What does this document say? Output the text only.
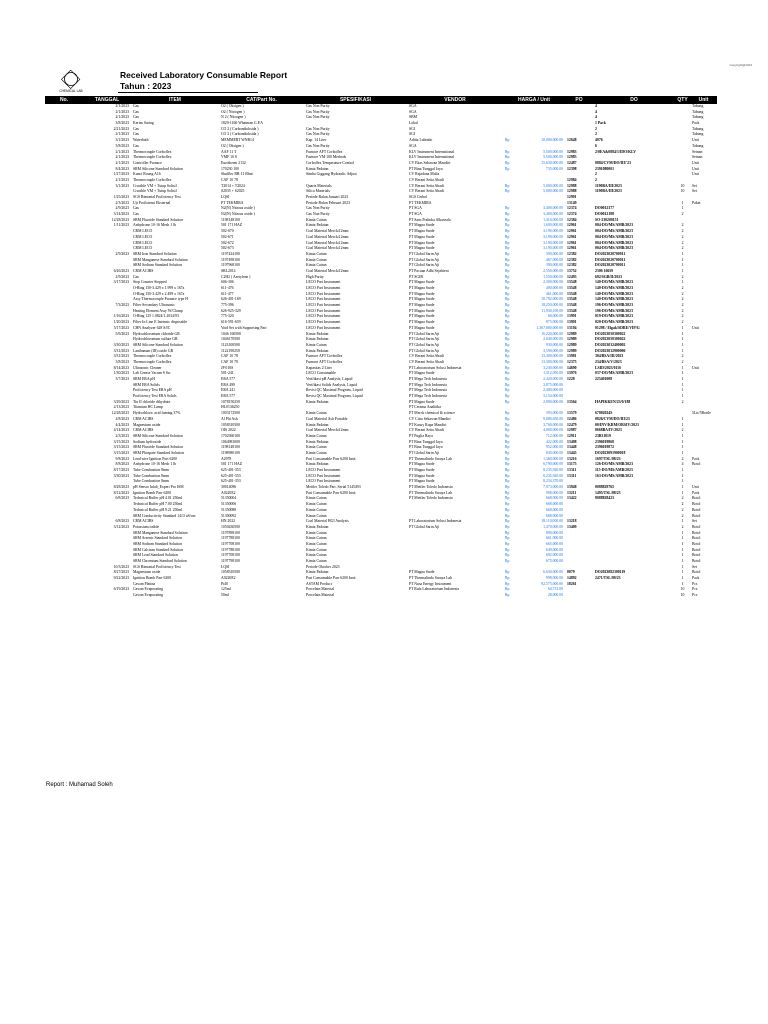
Copyright@2023
CHEMICAL LAB
Received Laboratory Consumable Report
Tahun : 2023
No.	TANGGAL	ITEM	CAT/Part No.	SPESIFIKASI	VENDOR	HARGA / Unit		PO	DO	QTY	Unit
	2/1/2023	Gas	O2 ( Oksigen )	Gas Non Purity	SGA				4		Tabung
	2/1/2023	Gas	O2 ( Nitrogen )	Gas Non Purity	SGA				4		Tabung
	2/1/2023	Gas	N 2 ( Nitrogen )	Gas Non Purity	SBM				4		Tabung
	3/8/2023	Kertas Saring	1820-1166 Whatman G.P.A		Lokal				1 Pack		Pack
	2/21/2023	Gas	CO 2 ( Carbondioksida )	Gas Non Purity	SGI				2		Tabung
	2/1/2023	Gas	CO 2 ( Carbondioksida )	Gas Non Purity	SGI				2		Tabung
	3/1/2023	Waterbath	MEMMERT WNB14	Kap. 14 Liter	Aditia Lubindo	Rp	10,000,000.00	12648	4076		Unit
	3/8/2023	Gas	O2 ( Oksigen )	Gas Non Purity	SGA				6		Tabung
	2/1/2023	Thermocouple Corboflex	AAF 11 T	Furnace AFT Corboflex	KLV Instrument International	Rp	5,500,000.00	12983	2/0EA&0884/1/IDO/KLV		Setnan
	2/1/2023	Thermocouple Corboflex	VMF 10 S	Furnace VM 100 Methods	KLV Instrument International	Rp	5,500,000.00	12983			Setnan
	2/1/2023	Controller Furnace	Eurotherm 2132	Corboflex Temperature Control	CV Ekas Sekawan Mandiri	Rp	15,630,000.00	12487	0884/CVM/DO/III/'23		Unit
	8/4/2023	SRM Silicone Standard Solution	170230 100	Kimia Padatan	PT Bina Tunggal Jaya	Rp	735,000.00	12398	2391080001		Unit
	1/27/2023	Kunci Roung A16	Shuffler BB-11 Bhnt	Simba Giggang Hydraulic Adjust	CV Rajadana Mulia				2		Unit
	2/1/2023	Thermocouple Corboflex	CAF 10 78		CV Berani Seiia Abadi			12984	2		
	3/1/2023	Crucible VM + Tutup Solisil	T2014 + T2024	Quartz Materials	CV Berani Seiia Abadi	Rp	5,000,000.00	12988	1190BA/III/2023	10	Set
		Crucible VM + Tutup Solisil	S2035 + S2025	Silica Materials	CV Berani Seiia Abadi	Rp	5,000,000.00	12988	1190BA/III/2023	10	Set
	1/25/2023	SGS Bimonial Proficiency Test	LQSI	Periode Bulan Januari 2023	SGS Cerbol			12991			
	2/3/2023	Uji Profisiensi Eksternal	PT TEKMIRA	Periode Bulan Februari 2023	PT TEKMIRA			13149		1	Paket
	2/9/2023	Gas	N2(N) Nitrous oxide )	Gas Non Purity	PT SGA	Rp	3,400,000.00	12374	DO0012377	1	
	3/14/2023	Gas	N2(N) Nitrous oxide )	Gas Non Purity	PT SGA	Rp	3,400,000.00	12374	DO0012188	2	
	12/28/2023	SRM Fluoride Standard Solution	1198148100	Kimia Cairan	PT Sans Praboka Alkaseala	Rp	1,410,000.00	12384	SO-230200151		
	1/11/2023	Anhydrone 10-16 Mesh 1 lb	501 171 HAZ	Kimia Padatan	PT Magna Sarde	Rp	1,690,000.00	12961	004-DO/MS/AMB/2023	2	
		CRM LECO	502-670	Coal Material Merck4 2mm	PT Magna Sarde	Rp	3,190,000.00	12961	004-DO/MS/AMB/2023	2	
		CRM LECO	502-671	Coal Material Merck4 2mm	PT Magna Sarde	Rp	3,190,000.00	12961	004-DO/MS/AMB/2023	2	
		CRM LECO	502-672	Coal Material Merck4 2mm	PT Magna Sarde	Rp	3,190,000.00	12961	004-DO/MS/AMB/2023	2	
		CRM LECO	502-673	Coal Material Merck4 2mm	PT Magna Sarde	Rp	3,190,000.00	12961	004-DO/MS/AMB/2023	2	
	2/9/2023	SRM Iron Standard Solution	1197424100	Kimia Cairan	PT Global Sarin Aji	Rp	390,000.00	12382	DO2023020700011	1	
		SRM Manganese Standard Solution	1197498100	Kimia Cairan	PT Global Sarin Aji	Rp	467,000.00	12382	DO2023020700011	1	
		SRM Sodium Standard Solution	1197968100	Kimia Cairan	PT Global Sarin Aji	Rp	390,000.00	12382	DO2023020700011	1	
	6/26/2023	CRM ACIRS	SRL2014	Coal Material Merck4 2mm	PT Pacuan Adhi Sejahtera	Rp	2,550,000.00	13752	2306 16659	1	
	2/9/2023	Gas	C2H2 ( Asetylene )	High Purity	PT SGIB	Rp	1,550,000.00	12493	692/SGB/II/2023	2	
	3/17/2023	Stop Counter Stopped	606-306	LECO Part Instrument	PT Magna Sarde	Rp	2,300,000.00	13548	140-DO/MS/AMB/2023	1	
		O-Ring 150-3.429 x 1.999 x 167a	611-476	LECO Part Instrument	PT Magna Sarde	Rp	400,000.00	13548	140-DO/MS/AMB/2023	2	
		O-Ring 150-3.429 x 2.499 x 167a	611-477	LECO Part Instrument	PT Magna Sarde	Rp	461,000.00	13548	140-DO/MS/AMB/2023	2	
		Assy Thermocouple Furnace type H	626-401-169	LECO Part Instrument	PT Magna Sarde	Rp	10,792,000.00	13548	140-DO/MS/AMB/2023	2	
	7/3/2023	Filter Secondary Ultrasonic	775-396	LECO Part Instrument	PT Magna Sarde	Rp	18,250,000.00	13548	196-DO/MS/AMB/2023	2	
		Heating Element Assy W/Clamp	626-925-329	LECO Part Instrument	PT Magna Sarde	Rp	11,930,100.00	13548	196-DO/MS/AMB/2023	2	
	1/16/2023	O-Ring 125 1.0824/1.2034/93	775-320	LECO Part Instrument	PT Magna Sarde	Rp	60,000.00	13991	019-DO/MS/AMB/2023	2	
	1/20/2023	Filter In Line E Intrinsic disposable	616-591-659	LECO Part Instrument	PT Magna Sarde	Rp	875,000.00	13991	020-DO/MS/AMB/2023	2	
	5/17/2023	CHN Analyzer 628 S/IC	Void Set with Supporting Part	LECO Part Instrument	PT Magna Sarde	Rp	1,367,000,000.00	13194	01298 / Elgak/SDRE/VIP/G	1	Unit
	5/6/2023	Hydrochloronium chloride GR	1046 160500	Kimia Padatan	PT Global Sarin Aji	Rp	16,220,000.00	12989	DO2023050300022	1	
		Hydrochloronium sulfate GR	1046170500	Kimia Padatan	PT Global Sarin Aji	Rp	2,040,000.00	12989	DO2023050300022	1	
	3/30/2023	SRM Silicone Standard Solution	1123100500	Kimia Cairan	PT Global Sarin Aji	Rp	930,000.00	12989	DO2023032400002	1	
	3/31/2023	Lanthanum (III) oxide GR	1122190250	Kimia Padatan	PT Global Sarin Aji	Rp	3,590,000.00	12989	DO2023032900006	1	
	3/31/2023	Thermocouple Corboflex	CAF 10 78	Furnace AFT Corboflex	CV Berani Seiia Abadi	Rp	13,300,000.00	13981	304/BSA/III/2023	2	
	3/8/2023	Thermocouple Corboflex	CAF 10 78	Furnace AFT Corboflex	CV Berani Seiia Abadi	Rp	13,300,000.00	12375	234/BSA/V/2023	2	
	8/14/2023	Ultrasonic Cleaner	JP 010S	Kapasitas 2 Liter	PT Laboratorium Solusi Indonesia	Rp	3,230,000.00	14690	LSID/2023/0116	1	Unit
	1/30/2023	Lab Grease Vacum S Sw	501-241	LECO Consumable	PT Magna Sarde	Rp	1,312,050.00	13976	037-DO/MS/AMB/2023	1	
	3/7/2023	SRM ERA pH	ERA 577	Verifikasi pH Analysis, Liquid	PT Mega Tech Indonesia	Rp	2,420,000.00	1228	225401008	1	
		SRM ERA Solids	ERA 499	Verifikasi Solids Analysis, Liquid	PT Mega Tech Indonesia	Rp	3,875,000.00			1	
		Proficiency Test ERA pH	ERA 241	Revisi QC Maximal Program, Liquid	PT Mega Tech Indonesia	Rp	2,400,000.00			1	
		Proficiency Test ERA Solids	ERA 577	Revisi QC Maximal Program, Liquid	PT Mega Tech Indonesia	Rp	3,154,000.00			1	
	3/29/2023	Tin II chloride dihydrate	1078150250	Kimia Padatan	PT Magna Sarde	Rp	2,890,000.00	13564	HAPIKKEN/23/0/188	2	
	2/13/2023	Titanium HC Lamp	HL0136250		PT Cerama Analitika						
	12/28/2023	Hydrochloric acid fuming 37%	1003172500	Kimia Cairan	PT Merck chemical & science	Rp	393,000.00	13579	67002024S		5Ltr/5Bottle
	2/8/2023	CRM ACIRS	Al Phi Ash	Coal Material Ash Portable	CV Citra Sekawan Mandiri	Rp	9,080,650.00	12486	0826/CVM/DO/III/23	1	
	4/4/2023	Magnesium oxide	1058310500	Kimia Padatan	PT Kusuy Rupa Mandiri	Rp	3,760,000.00	12479	00/INV/KRM/ORSIV/2023	1	
	4/14/2023	CRM ACIRS	OIS 2022	Coal Material Merck4 2mm	CV Berani Seiia Abadi	Rp	4,000,000.00	12987	0668BA/IV/2023	2	
	2/3/2023	SRM Silicone Standard Solution	1702360100	Kimia Cairan	PT Puglia Raya	Rp	712,000.00	12911	23B31019	1	
	3/15/2023	Sodium hydroxide	1064981000	Kimia Padatan	PT Bina Tunggal Jaya	Rp	422,000.00	13408	2396019868	1	
	3/15/2023	SRM Fluoride Standard Solution	1198148100	Kimia Cairan	PT Bina Tunggal Jaya	Rp	952,000.00	13448	2396019872	1	
	3/15/2023	SRM Phospate Standard Solution	1198980100	Kimia Cairan	PT Global Sarin Aji	Rp	845,000.00	13445	DO2023091900018	1	
	9/8/2023	Lead wire Ignition Port 6200	A2978	Part Consumable Parr 6200 Insit	PT Thermalindo Saraya Lab	Rp	1,360,000.00	13216	1697/TSL/08/23	2	Pack
	8/8/2023	Anhydrone 10-16 Mesh 1 lb	501 171 HAZ	Kimia Padatan	PT Magna Sarde	Rp	6,790,000.00	13175	126-DO/MS/AMB/2023	4	Botol
	8/17/2023	Tube Combustion 8mm	625-401-353	LECO Part Instrument	PT Magna Sarde	Rp	8,235,920.00	13311	115-DO/MS/AMB/2023	1	
	3/30/2023	Tube Combustion 8mm	625-401-353	LECO Part Instrument	PT Magna Sarde	Rp	8,235,920.00	13311	163-DO/MS/AMB/2023	1	
		Tube Combustion 8mm	625-401-353	LECO Part Instrument	PT Magna Sarde	Rp	8,234,370.00			1	
	8/28/2023	pH Sensor Inlab_Expert Pro ISM	30014096	Mettler Toledo Part, Serial 5145493	PT Mettler Toledo Indonesia	Rp	7,973,000.00	13948	0088829765	1	Unit
	8/12/2023	Ignition Bomb Parr 6200	A0220E2	Part Consumable Parr 6200 Insit	PT Thermalindo Saraya Lab	Rp	908,000.00	13211	1495/TSL/08/23	1	Pack
	6/8/2023	Technical Buffer pH 4.01 250ml	51350004	Kimia Cairan	PT Mettler Toledo Indonesia	Rp	668,000.00	13422	8088828423	2	Botol
		Technical Buffer pH 7.00 250ml	51350006	Kimia Cairan		Rp	668,000.00			2	Botol
		Technical Buffer pH 9.21 250ml	51350088	Kimia Cairan		Rp	668,000.00			2	Botol
		SRM Conductivity Standard 1413 uS/cm	51300092	Kimia Cairan		Rp	688,000.00			2	Botol
	6/8/2023	CRM ACIRS	HN 2022	Coal Material HGI Analysis	PT Laboratorium Solusi Indonesia	Rp	18,110,000.00	13218		1	Set
	3/12/2023	Potassium iodide	1050430500	Kimia Padatan	PT Global Sarin Aji	Rp	1,470,000.00	13409		2	Botol
		SRM Manganese Standard Solution	1197898100	Kimia Cairan		Rp	890,000.00			1	Botol
		SRM Arsenic Standard Solution	1197788100	Kimia Cairan		Rp	661,000.00			1	Botol
		SRM Sodium Standard Solution	1197708100	Kimia Cairan		Rp	665,000.00			1	Botol
		SRM Calcium Standard Solution	1197788100	Kimia Cairan		Rp	649,000.00			1	Botol
		SRM Lead Standard Solution	1197708100	Kimia Cairan		Rp	692,000.00			1	Botol
		SRM Chromium Standard Solution	1197798100	Kimia Cairan		Rp	675,000.00			1	Botol
	10/3/2023	SGS Bimonial Proficiency Test	LQSI	Periode Oktober 2023						1	Set
	8/27/2023	Magnesium oxide	1058310500	Kimia Padatan	PT Magna Sarde	Rp	6,630,000.00	0079	DO2023082300119	1	Botol
	9/22/2023	Ignition Bomb Parr 6200	A0220E2	Part Consumable Parr 6200 Insit	PT Thermalindo Saraya Lab	Rp	998,000.00	14892	2471/TSL/09/23	1	Pack
		Cawan Platina	Pt40	ASTAM Product	PT Nusa Energy Instrument	Rp	92,575,000.00	18261		1	Pcs
	6/19/2023	Cawan Evaporating	125ml	Porcelain Material	PT Rafa Laboratorium Indonesia	Rp	64,713.00			10	Pcs
		Cawan Evaporating	50ml	Porcelain Material		Rp	28,000.00			10	Pcs
Report : Muhamad Soleh
